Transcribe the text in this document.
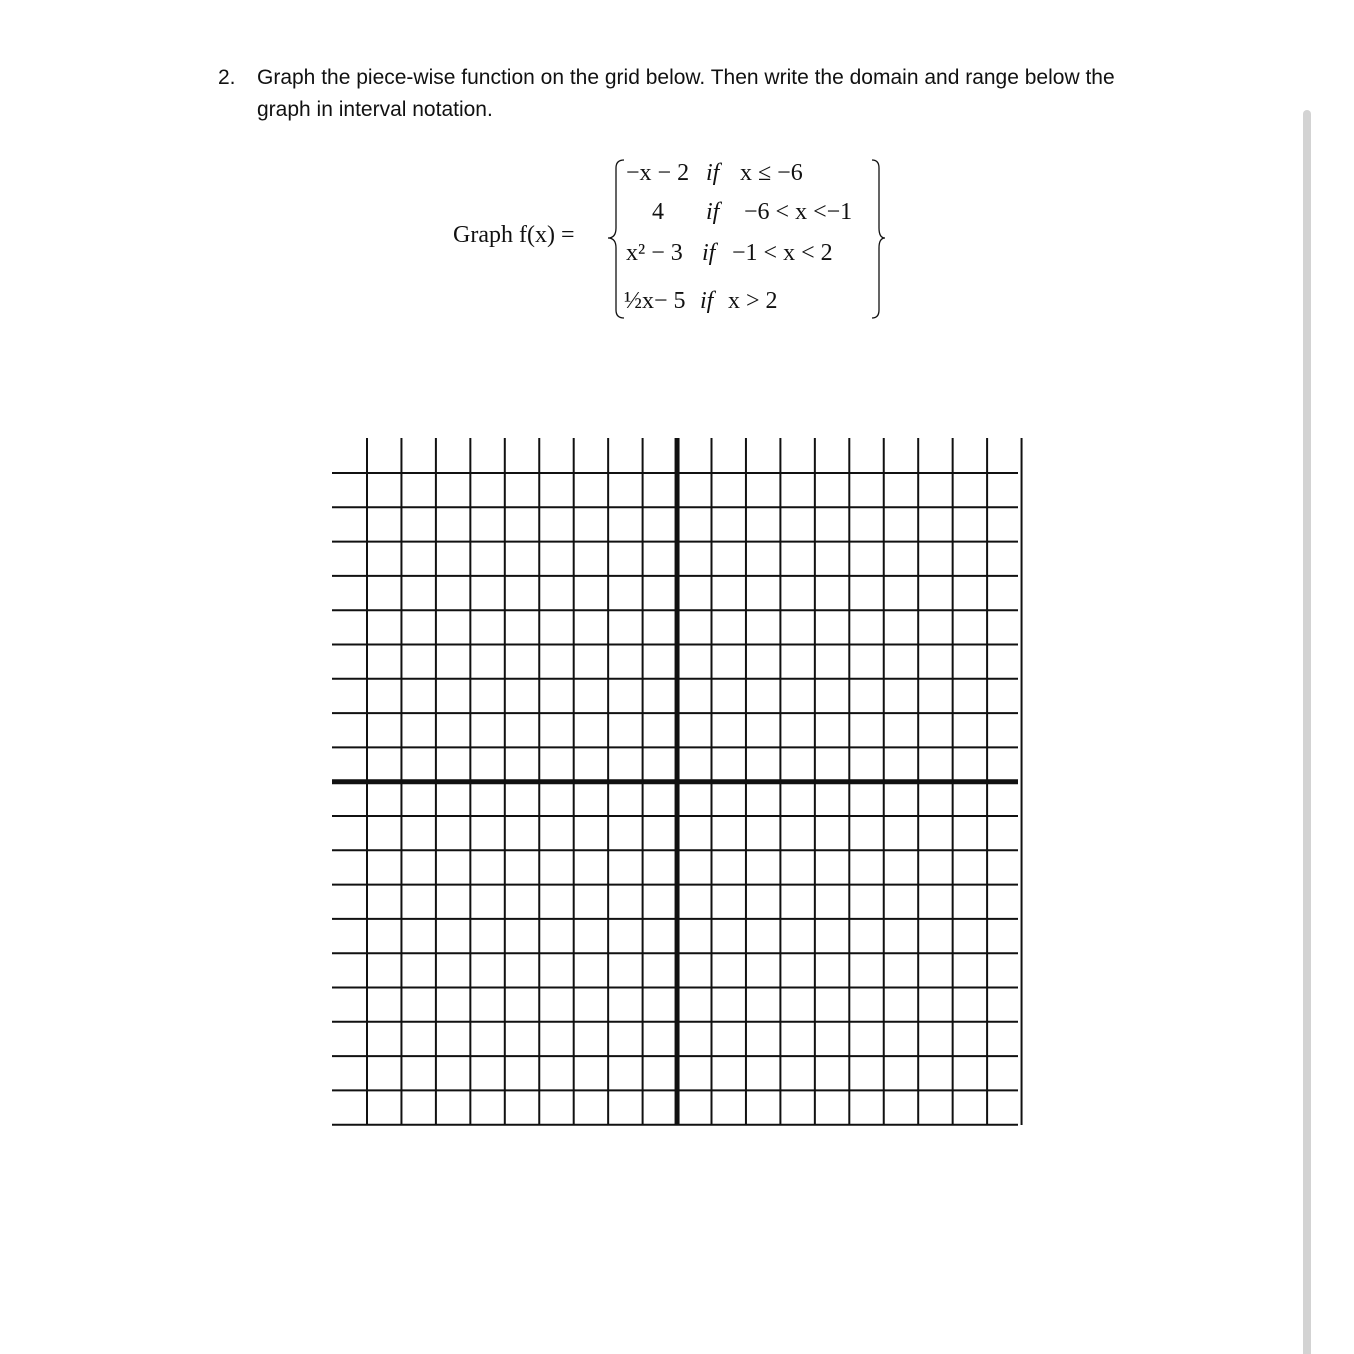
2. Graph the piece-wise function on the grid below. Then write the domain and range below the
graph in interval notation.
Graph f(x) =
−x − 2 if x ≤ −6
4 if −6 < x <−1
x² − 3 if −1 < x < 2
½x− 5 if x > 2
